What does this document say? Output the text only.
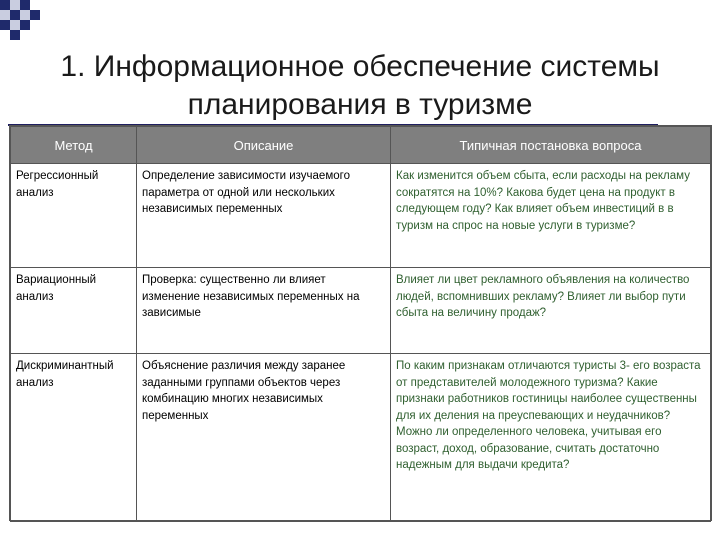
1. Информационное обеспечение системы планирования в туризме
Метод	Описание	Типичная постановка вопроса
Регрессионный анализ	Определение зависимости изучаемого параметра от одной или нескольких независимых переменных	Как изменится объем сбыта, если расходы на рекламу сократятся на 10%? Какова будет цена на продукт в следующем году? Как влияет объем инвестиций в в туризм на спрос на новые услуги в туризме?
Вариационный анализ	Проверка: существенно ли влияет изменение независимых переменных на зависимые	Влияет ли цвет рекламного объявления на количество людей, вспомнивших рекламу? Влияет ли выбор пути сбыта на величину продаж?
Дискриминантный анализ	Объяснение различия между заранее заданными группами объектов через комбинацию многих независимых переменных	По каким признакам отличаются туристы 3- его возраста от представителей молодежного туризма? Какие признаки работников гостиницы наиболее существенны для их деления на преуспевающих и неудачников? Можно ли определенного человека, учитывая его возраст, доход, образование, считать достаточно надежным для выдачи кредита?
